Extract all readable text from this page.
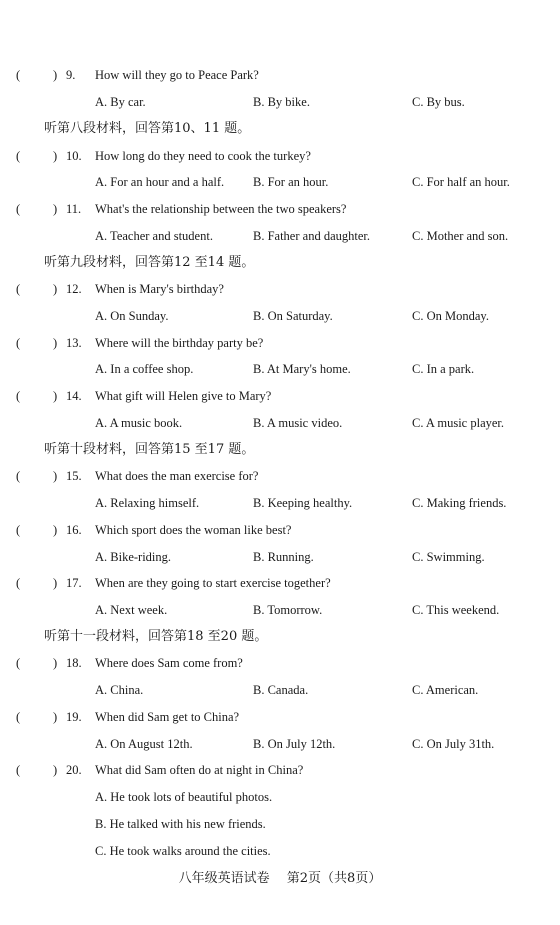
(	) 9. How will they go to Peace Park?
A. By car.	B. By bike.	C. By bus.
听第八段材料，回答第10、11 题。
(	) 10. How long do they need to cook the turkey?
A. For an hour and a half. B. For an hour.	C. For half an hour.
(	) 11. What's the relationship between the two speakers?
A. Teacher and student.	B. Father and daughter.	C. Mother and son.
听第九段材料，回答第12 至14 题。
(	) 12. When is Mary's birthday?
A. On Sunday.	B. On Saturday.	C. On Monday.
(	) 13. Where will the birthday party be?
A. In a coffee shop.	B. At Mary's home.	C. In a park.
(	) 14. What gift will Helen give to Mary?
A. A music book.	B. A music video.	C. A music player.
听第十段材料，回答第15 至17 题。
(	) 15. What does the man exercise for?
A. Relaxing himself.	B. Keeping healthy.	C. Making friends.
(	) 16. Which sport does the woman like best?
A. Bike-riding.	B. Running.	C. Swimming.
(	) 17. When are they going to start exercise together?
A. Next week.	B. Tomorrow.	C. This weekend.
听第十一段材料，回答第18 至20 题。
(	) 18. Where does Sam come from?
A. China.	B. Canada.	C. American.
(	) 19. When did Sam get to China?
A. On August 12th.	B. On July 12th.	C. On July 31th.
(	) 20. What did Sam often do at night in China?
A. He took lots of beautiful photos.
B. He talked with his new friends.
C. He took walks around the cities.
八年级英语试卷　 第2页（共8页）
